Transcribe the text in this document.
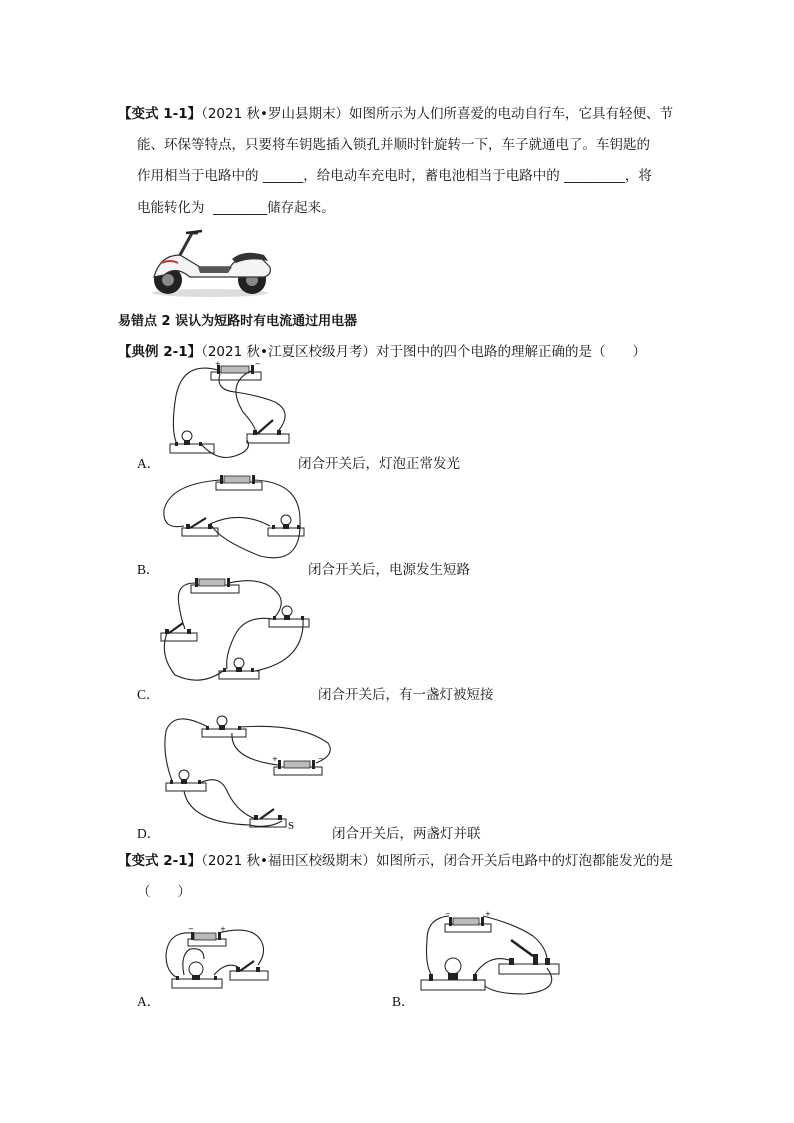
【变式 1-1】（2021 秋•罗山县期末）如图所示为人们所喜爱的电动自行车，它具有轻便、节
能、环保等特点，只要将车钥匙插入锁孔并顺时针旋转一下，车子就通电了。车钥匙的
作用相当于电路中的 ______，给电动车充电时，蓄电池相当于电路中的 _________，将
电能转化为 ________储存起来。
易错点 2 误认为短路时有电流通过用电器
【典例 2-1】（2021 秋•江夏区校级月考）对于图中的四个电路的理解正确的是（　　）
+	−
A．	闭合开关后，灯泡正常发光
B．	闭合开关后，电源发生短路
C．	闭合开关后，有一盏灯被短接
+	−
S
D．	闭合开关后，两盏灯并联
【变式 2-1】（2021 秋•福田区校级期末）如图所示，闭合开关后电路中的灯泡都能发光的是
（　　）
−	+
A．
−	+
B．
